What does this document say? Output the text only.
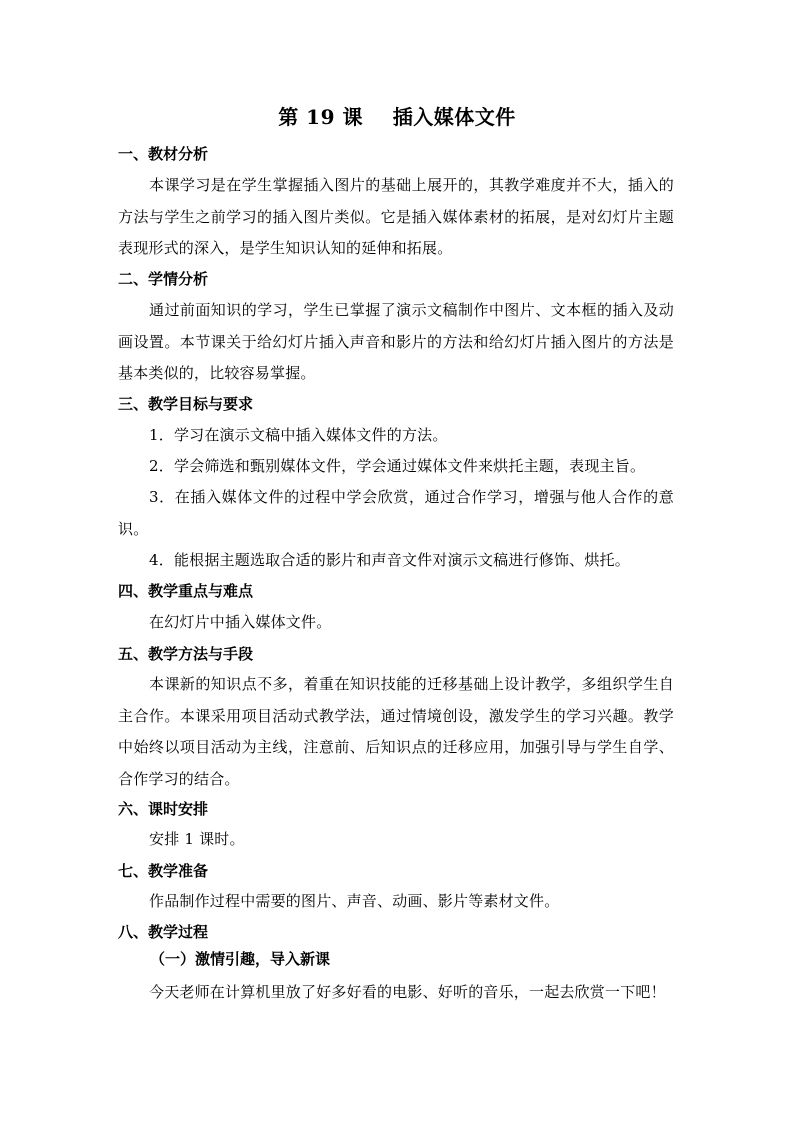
第 19 课    插入媒体文件
一、教材分析
本课学习是在学生掌握插入图片的基础上展开的，其教学难度并不大，插入的方法与学生之前学习的插入图片类似。它是插入媒体素材的拓展，是对幻灯片主题表现形式的深入，是学生知识认知的延伸和拓展。
二、学情分析
通过前面知识的学习，学生已掌握了演示文稿制作中图片、文本框的插入及动画设置。本节课关于给幻灯片插入声音和影片的方法和给幻灯片插入图片的方法是基本类似的，比较容易掌握。
三、教学目标与要求
1．学习在演示文稿中插入媒体文件的方法。
2．学会筛选和甄别媒体文件，学会通过媒体文件来烘托主题，表现主旨。
3．在插入媒体文件的过程中学会欣赏，通过合作学习，增强与他人合作的意识。
4．能根据主题选取合适的影片和声音文件对演示文稿进行修饰、烘托。
四、教学重点与难点
在幻灯片中插入媒体文件。
五、教学方法与手段
本课新的知识点不多，着重在知识技能的迁移基础上设计教学，多组织学生自主合作。本课采用项目活动式教学法，通过情境创设，激发学生的学习兴趣。教学中始终以项目活动为主线，注意前、后知识点的迁移应用，加强引导与学生自学、合作学习的结合。
六、课时安排
安排 1 课时。
七、教学准备
作品制作过程中需要的图片、声音、动画、影片等素材文件。
八、教学过程
（一）激情引趣，导入新课
今天老师在计算机里放了好多好看的电影、好听的音乐，一起去欣赏一下吧！
